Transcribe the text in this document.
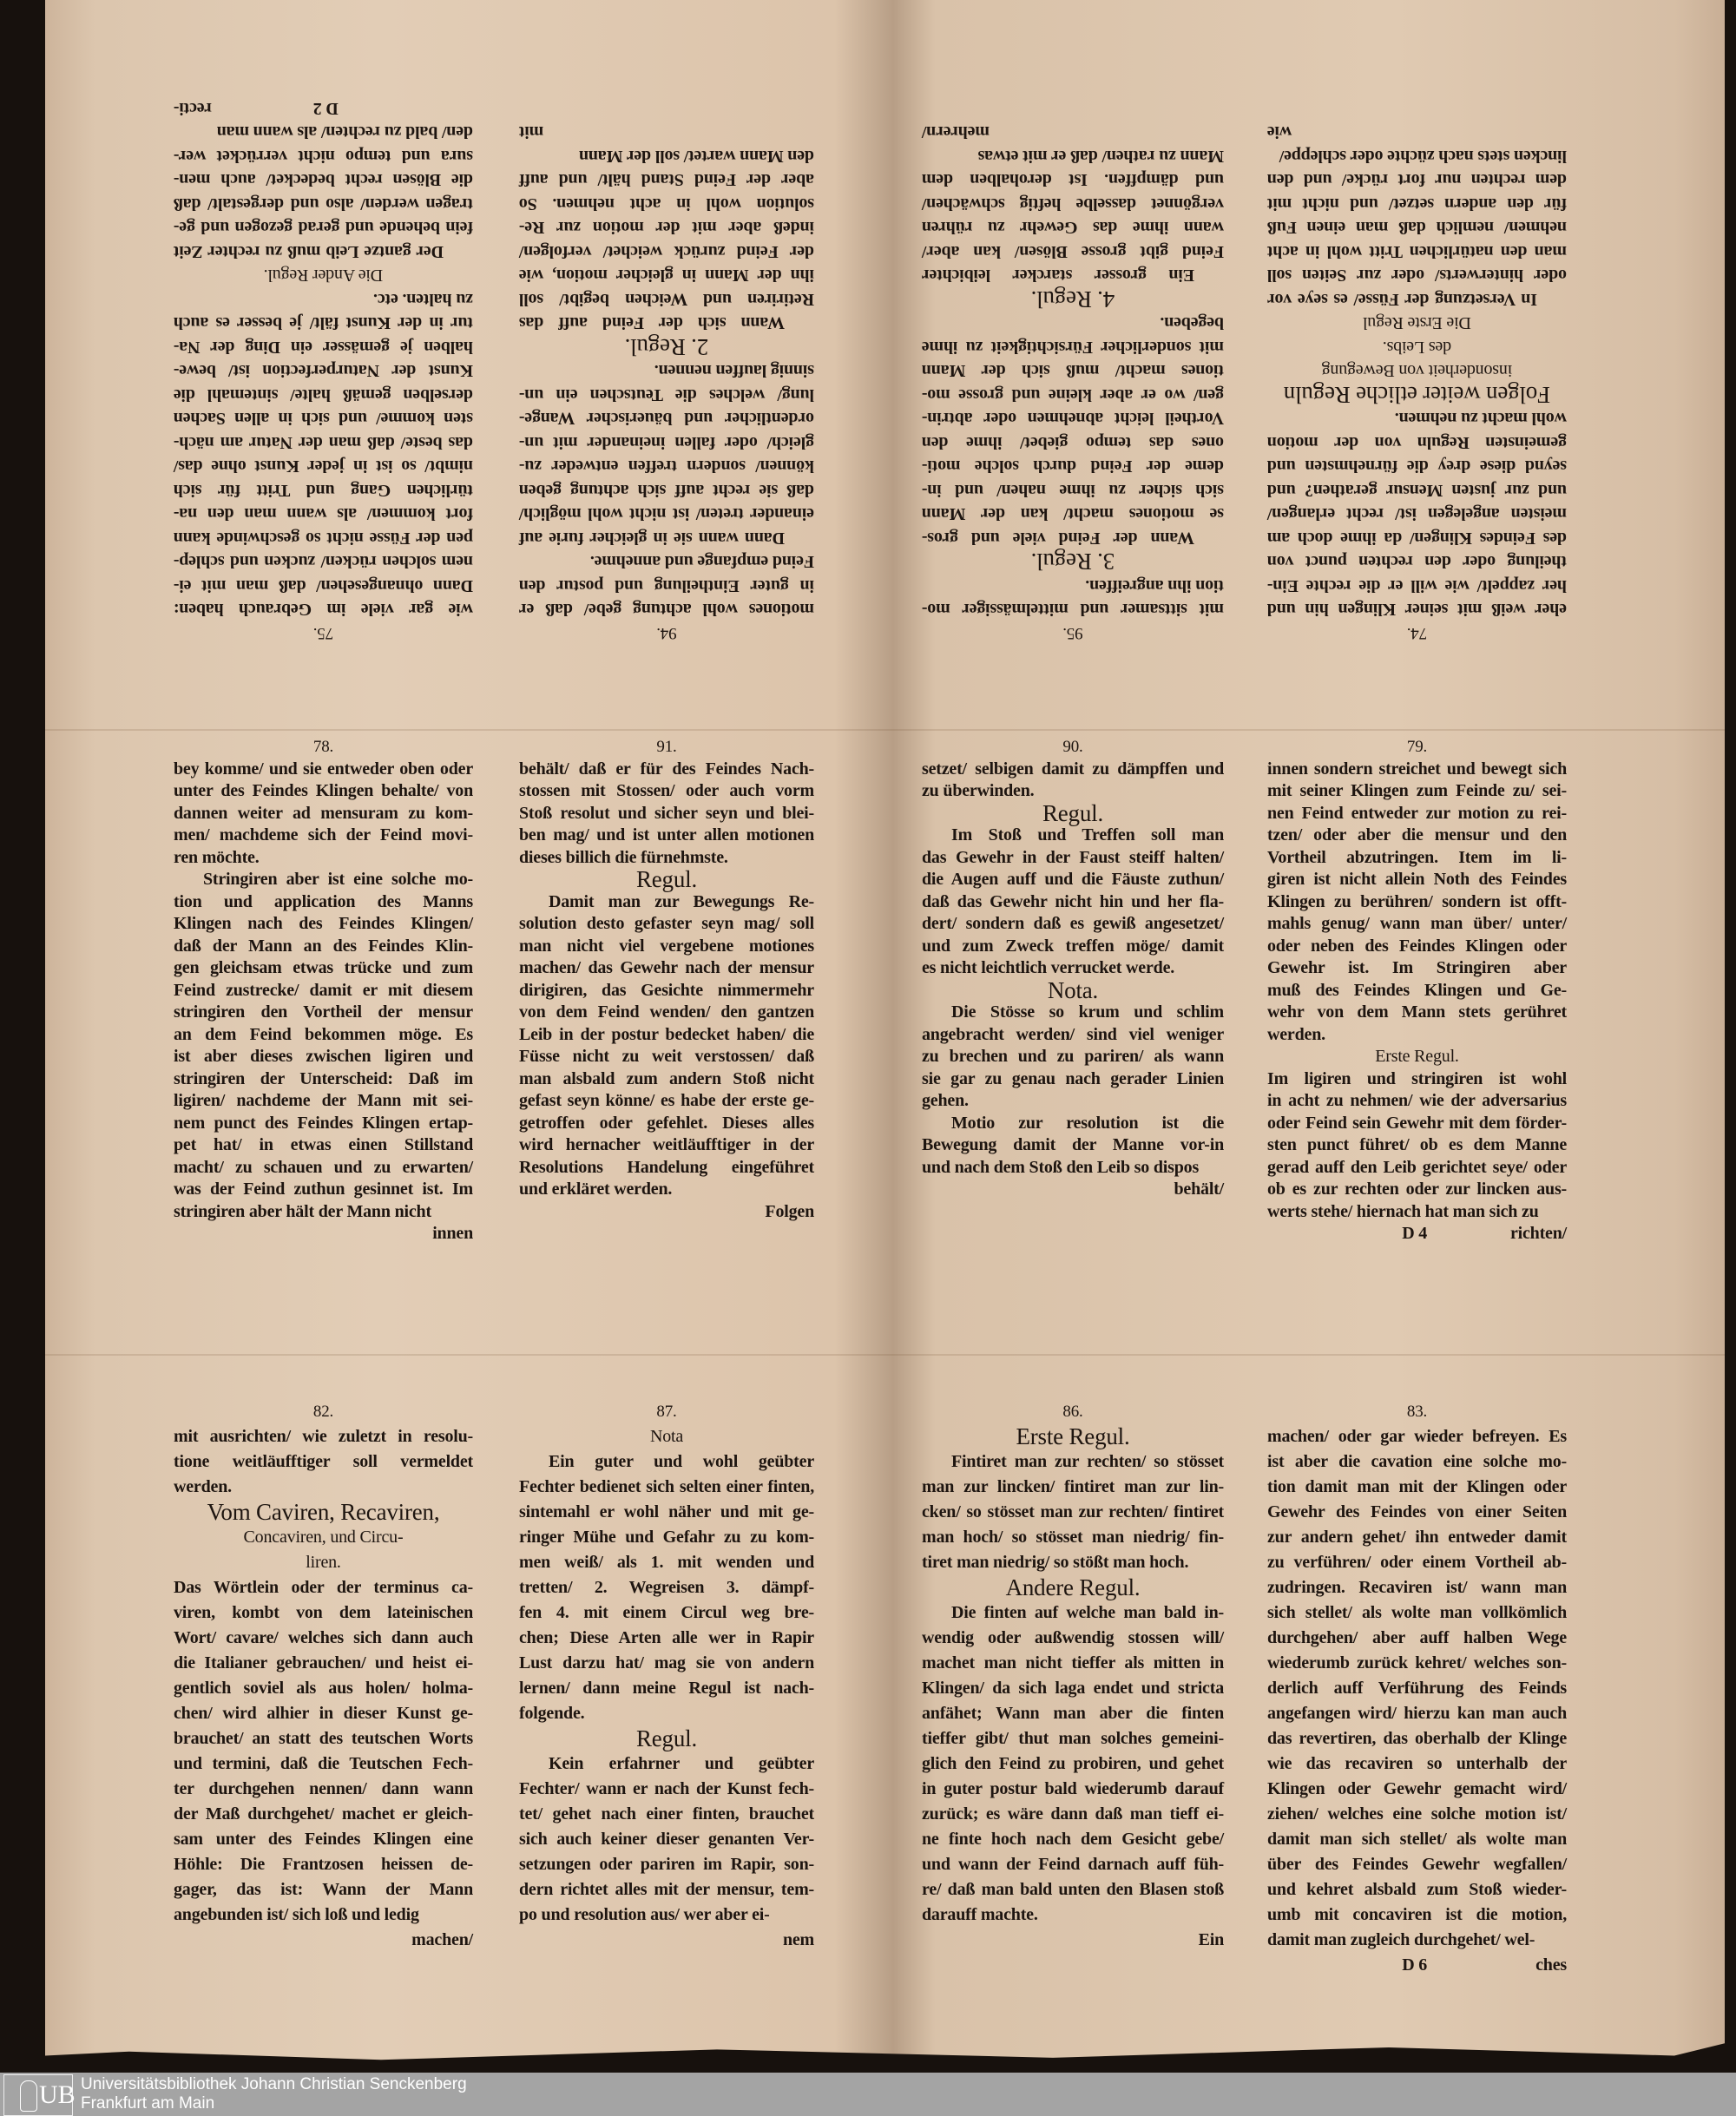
75.
wie gar viele im Gebrauch haben:
Dann ohnangesehen/ daß man mit ei-
nem solchen rücken/ zucken und schlep-
pen der Füsse nicht so geschwinde kann
fort kommen/ als wann man den na-
türlichen Gang und Tritt für sich
nimbt/ so ist in jeder Kunst ohne das/
das beste/ daß man der Natur am näch-
sten komme/ und sich in allen Sachen
derselben gemäß halte/ sintemahl die
Kunst der Naturperfection ist/ bewe-
halben je gemässer ein Ding der Na-
tur in der Kunst fält/ je besser es auch
zu halten. etc.
Die Ander Regul.
Der gantze Leib muß zu rechter Zeit
fein behende und gerad gezogen und ge-
tragen werden/ also und dergestalt/ daß
die Blösen recht bedecket/ auch men-
sura und tempo nicht verrücket wer-
den/ bald zu rechten/ als wann man
D 2
recti-
94.
motiones wohl achtung gebe/ daß er
in guter Eintheilung und postur den
Feind empfange und annehme.
Dann wann sie in gleicher furie auf
einander treten/ ist nicht wohl möglich/
daß sie recht auff sich achtung geben
können/ sondern treffen entweder zu-
gleich/ oder fallen ineinander mit un-
ordentlicher und bäuerischer Wange-
lung/ welches die Teutschen ein un-
sinnig lauffen nennen.
2. Regul.
Wann sich der Feind auff das
Retiriren und Weichen begibt/ soll
ihn der Mann in gleicher motion, wie
der Feind zurück weichet/ verfolgen/
indeß aber mit der motion zur Re-
solution wohl in acht nehmen. So
aber der Feind Stand hält/ und auff
den Mann wartet/ soll der Mann
mit
95.
mit sittsamer und mittelmässiger mo-
tion ihn angreiffen.
3. Regul.
Wann der Feind viele und gros-
se motiones macht/ kan der Mann
sich sicher zu ihme nahen/ und in-
deme der Feind durch solche moti-
ones das tempo giebet/ ihme den
Vortheil leicht abnehmen oder abtrin-
gen/ wo er aber kleine und grosse mo-
tiones macht/ muß sich der Mann
mit sonderlicher Fürsichtigkeit zu ihme
begeben.
4. Regul.
Ein grosser starcker leibichter
Feind gibt grosse Blösen/ kan aber/
wann ihme das Gewehr zu rühren
vergönnet dasselbe heftig schwächen/
und dämpffen. Ist derohalben dem
Mann zu rathen/ daß er mit etwas
mehrern/
74.
eher weiß mit seiner Klingen hin und
her zappelt/ wie will er die rechte Ein-
theilung oder den rechten punct von
des Feindes Klingen/ da ihme doch am
meisten angelegen ist/ recht erlangen/
und zur justen Mensur gerathen? und
seynd diese drey die fürnehmsten und
gemeinsten Reguln von der motion
wohl macht zu nehmen.
Folgen weiter etliche Reguln
insonderheit von Bewegung
des Leibs.
Die Erste Regul
In Versetzung der Füsse/ es seye vor
oder hinterwerts/ oder zur Seiten soll
man den natürlichen Tritt wohl in acht
nehmen/ nemlich daß man einen Fuß
für den andern setzet/ und nicht mit
dem rechten nur fort rücke/ und den
lincken stets nach züchte oder schleppe/
wie
78.
bey komme/ und sie entweder oben oder
unter des Feindes Klingen behalte/ von
dannen weiter ad mensuram zu kom-
men/ machdeme sich der Feind movi-
ren möchte.
Stringiren aber ist eine solche mo-
tion und application des Manns
Klingen nach des Feindes Klingen/
daß der Mann an des Feindes Klin-
gen gleichsam etwas trücke und zum
Feind zustrecke/ damit er mit diesem
stringiren den Vortheil der mensur
an dem Feind bekommen möge. Es
ist aber dieses zwischen ligiren und
stringiren der Unterscheid: Daß im
ligiren/ nachdeme der Mann mit sei-
nem punct des Feindes Klingen ertap-
pet hat/ in etwas einen Stillstand
macht/ zu schauen und zu erwarten/
was der Feind zuthun gesinnet ist. Im
stringiren aber hält der Mann nicht
innen
91.
behält/ daß er für des Feindes Nach-
stossen mit Stossen/ oder auch vorm
Stoß resolut und sicher seyn und blei-
ben mag/ und ist unter allen motionen
dieses billich die fürnehmste.
Regul.
Damit man zur Bewegungs Re-
solution desto gefaster seyn mag/ soll
man nicht viel vergebene motiones
machen/ das Gewehr nach der mensur
dirigiren, das Gesichte nimmermehr
von dem Feind wenden/ den gantzen
Leib in der postur bedecket haben/ die
Füsse nicht zu weit verstossen/ daß
man alsbald zum andern Stoß nicht
gefast seyn könne/ es habe der erste ge-
getroffen oder gefehlet. Dieses alles
wird hernacher weitläufftiger in der
Resolutions Handelung eingeführet
und erkläret werden.
Folgen
90.
setzet/ selbigen damit zu dämpffen und
zu überwinden.
Regul.
Im Stoß und Treffen soll man
das Gewehr in der Faust steiff halten/
die Augen auff und die Fäuste zuthun/
daß das Gewehr nicht hin und her fla-
dert/ sondern daß es gewiß angesetzet/
und zum Zweck treffen möge/ damit
es nicht leichtlich verrucket werde.
Nota.
Die Stösse so krum und schlim
angebracht werden/ sind viel weniger
zu brechen und zu pariren/ als wann
sie gar zu genau nach gerader Linien
gehen.
Motio zur resolution ist die
Bewegung damit der Manne vor-in
und nach dem Stoß den Leib so dispos
behält/
79.
innen sondern streichet und bewegt sich
mit seiner Klingen zum Feinde zu/ sei-
nen Feind entweder zur motion zu rei-
tzen/ oder aber die mensur und den
Vortheil abzutringen. Item im li-
giren ist nicht allein Noth des Feindes
Klingen zu berühren/ sondern ist offt-
mahls genug/ wann man über/ unter/
oder neben des Feindes Klingen oder
Gewehr ist. Im Stringiren aber
muß des Feindes Klingen und Ge-
wehr von dem Mann stets gerühret
werden.
Erste Regul.
Im ligiren und stringiren ist wohl
in acht zu nehmen/ wie der adversarius
oder Feind sein Gewehr mit dem förder-
sten punct führet/ ob es dem Manne
gerad auff den Leib gerichtet seye/ oder
ob es zur rechten oder zur lincken aus-
werts stehe/ hiernach hat man sich zu
D 4	richten/
82.
mit ausrichten/ wie zuletzt in resolu-
tione weitläufftiger soll vermeldet
werden.
Vom Caviren, Recaviren,
Concaviren, und Circu-
liren.
Das Wörtlein oder der terminus ca-
viren, kombt von dem lateinischen
Wort/ cavare/ welches sich dann auch
die Italianer gebrauchen/ und heist ei-
gentlich soviel als aus holen/ holma-
chen/ wird alhier in dieser Kunst ge-
brauchet/ an statt des teutschen Worts
und termini, daß die Teutschen Fech-
ter durchgehen nennen/ dann wann
der Maß durchgehet/ machet er gleich-
sam unter des Feindes Klingen eine
Höhle: Die Frantzosen heissen de-
gager, das ist: Wann der Mann
angebunden ist/ sich loß und ledig
machen/
87.
Nota
Ein guter und wohl geübter
Fechter bedienet sich selten einer finten,
sintemahl er wohl näher und mit ge-
ringer Mühe und Gefahr zu zu kom-
men weiß/ als 1. mit wenden und
tretten/ 2. Wegreisen 3. dämpf-
fen 4. mit einem Circul weg bre-
chen; Diese Arten alle wer in Rapir
Lust darzu hat/ mag sie von andern
lernen/ dann meine Regul ist nach-
folgende.
Regul.
Kein erfahrner und geübter
Fechter/ wann er nach der Kunst fech-
tet/ gehet nach einer finten, brauchet
sich auch keiner dieser genanten Ver-
setzungen oder pariren im Rapir, son-
dern richtet alles mit der mensur, tem-
po und resolution aus/ wer aber ei-
nem
86.
Erste Regul.
Fintiret man zur rechten/ so stösset
man zur lincken/ fintiret man zur lin-
cken/ so stösset man zur rechten/ fintiret
man hoch/ so stösset man niedrig/ fin-
tiret man niedrig/ so stößt man hoch.
Andere Regul.
Die finten auf welche man bald in-
wendig oder außwendig stossen will/
machet man nicht tieffer als mitten in
Klingen/ da sich laga endet und stricta
anfähet; Wann man aber die finten
tieffer gibt/ thut man solches gemeini-
glich den Feind zu probiren, und gehet
in guter postur bald wiederumb darauf
zurück; es wäre dann daß man tieff ei-
ne finte hoch nach dem Gesicht gebe/
und wann der Feind darnach auff füh-
re/ daß man bald unten den Blasen stoß
darauff machte.
Ein
83.
machen/ oder gar wieder befreyen. Es
ist aber die cavation eine solche mo-
tion damit man mit der Klingen oder
Gewehr des Feindes von einer Seiten
zur andern gehet/ ihn entweder damit
zu verführen/ oder einem Vortheil ab-
zudringen. Recaviren ist/ wann man
sich stellet/ als wolte man vollkömlich
durchgehen/ aber auff halben Wege
wiederumb zurück kehret/ welches son-
derlich auff Verführung des Feinds
angefangen wird/ hierzu kan man auch
das revertiren, das oberhalb der Klinge
wie das recaviren so unterhalb der
Klingen oder Gewehr gemacht wird/
ziehen/ welches eine solche motion ist/
damit man sich stellet/ als wolte man
über des Feindes Gewehr wegfallen/
und kehret alsbald zum Stoß wieder-
umb mit concaviren ist die motion,
damit man zugleich durchgehet/ wel-
D 6	ches
UB Universitätsbibliothek Johann Christian Senckenberg
Frankfurt am Main
